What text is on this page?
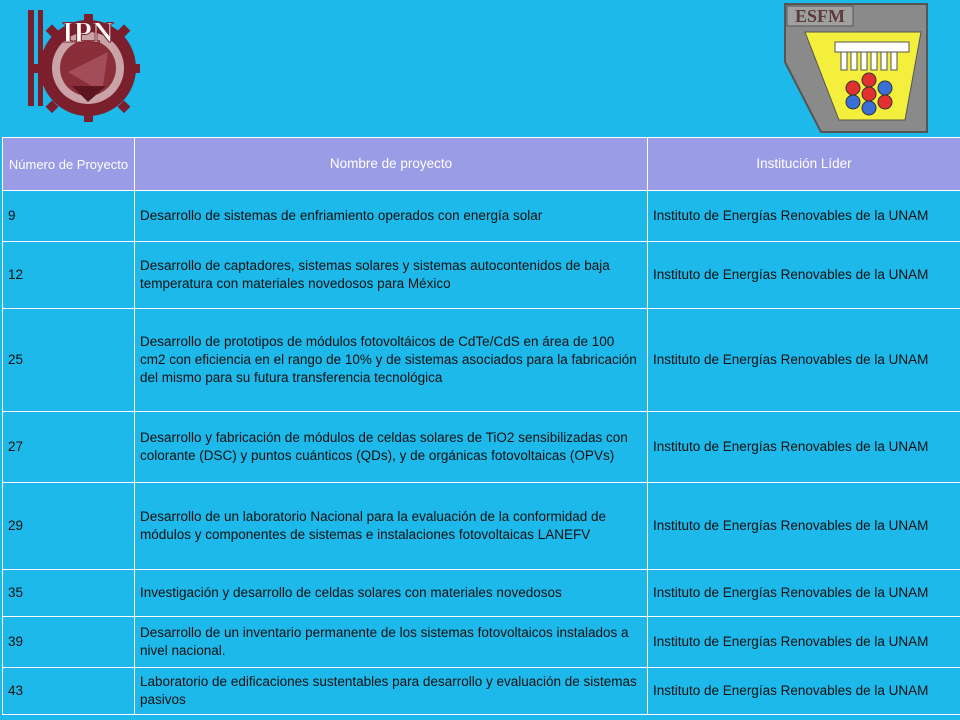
IPN	ESFM
Número de Proyecto	Nombre de proyecto	Institución Líder
9	Desarrollo de sistemas de enfriamiento operados con energía solar	Instituto de Energías Renovables de la UNAM
12	Desarrollo de captadores, sistemas solares y sistemas autocontenidos de baja temperatura con materiales novedosos para México	Instituto de Energías Renovables de la UNAM
25	Desarrollo de prototipos de módulos fotovoltáicos de CdTe/CdS en área de 100 cm2 con eficiencia en el rango de 10% y de sistemas asociados para la fabricación del mismo para su futura transferencia tecnológica	Instituto de Energías Renovables de la UNAM
27	Desarrollo y fabricación de módulos de celdas solares de TiO2 sensibilizadas con colorante (DSC) y puntos cuánticos (QDs), y de orgánicas fotovoltaicas (OPVs)	Instituto de Energías Renovables de la UNAM
29	Desarrollo de un laboratorio Nacional para la evaluación de la conformidad de módulos y componentes de sistemas e instalaciones fotovoltaicas LANEFV	Instituto de Energías Renovables de la UNAM
35	Investigación y desarrollo de celdas solares con materiales novedosos	Instituto de Energías Renovables de la UNAM
39	Desarrollo de un inventario permanente de los sistemas fotovoltaicos instalados a nivel nacional.	Instituto de Energías Renovables de la UNAM
43	Laboratorio de edificaciones sustentables para desarrollo y evaluación de sistemas pasivos	Instituto de Energías Renovables de la UNAM
